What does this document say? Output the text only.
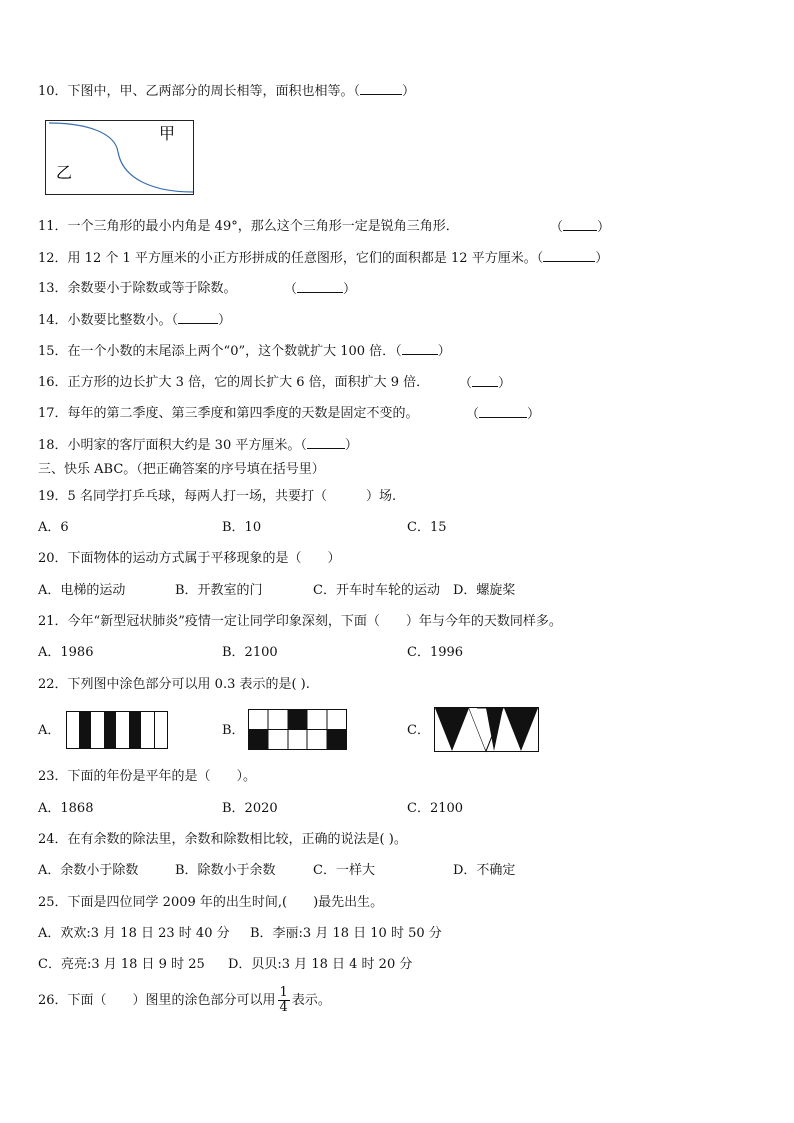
10．下图中，甲、乙两部分的周长相等，面积也相等。（	）
甲
乙
11．一个三角形的最小内角是 49°，那么这个三角形一定是锐角三角形．	（	）
12．用 12 个 1 平方厘米的小正方形拼成的任意图形，它们的面积都是 12 平方厘米。（	）
13．余数要小于除数或等于除数。	（	）
14．小数要比整数小。（	）
15．在一个小数的末尾添上两个“0”，这个数就扩大 100 倍．（	）
16．正方形的边长扩大 3 倍，它的周长扩大 6 倍，面积扩大 9 倍． （ ）
17．每年的第二季度、第三季度和第四季度的天数是固定不变的。	（	）
18．小明家的客厅面积大约是 30 平方厘米。（	）
三、快乐 ABC。（把正确答案的序号填在括号里）
19．5 名同学打乒乓球，每两人打一场，共要打（　　　）场.
A．6	B．10	C．15
20．下面物体的运动方式属于平移现象的是（　　）
A．电梯的运动	B．开教室的门	C．开车时车轮的运动 D．螺旋桨
21．今年“新型冠状肺炎”疫情一定让同学印象深刻，下面（　　）年与今年的天数同样多。
A．1986	B．2100	C．1996
22．下列图中涂色部分可以用 0.3 表示的是( ).
A．	B．	C．
23．下面的年份是平年的是（　　）。
A．1868	B．2020	C．2100
24．在有余数的除法里，余数和除数相比较，正确的说法是( )。
A．余数小于除数	B．除数小于余数	C．一样大	D．不确定
25．下面是四位同学 2009 年的出生时间,(　　)最先出生。
A．欢欢:3 月 18 日 23 时 40 分 B．李丽:3 月 18 日 10 时 50 分
C．亮亮:3 月 18 日 9 时 25 D．贝贝:3 月 18 日 4 时 20 分
26．下面（　　）图里的涂色部分可以用 $\frac{1}{4}$ 表示。
